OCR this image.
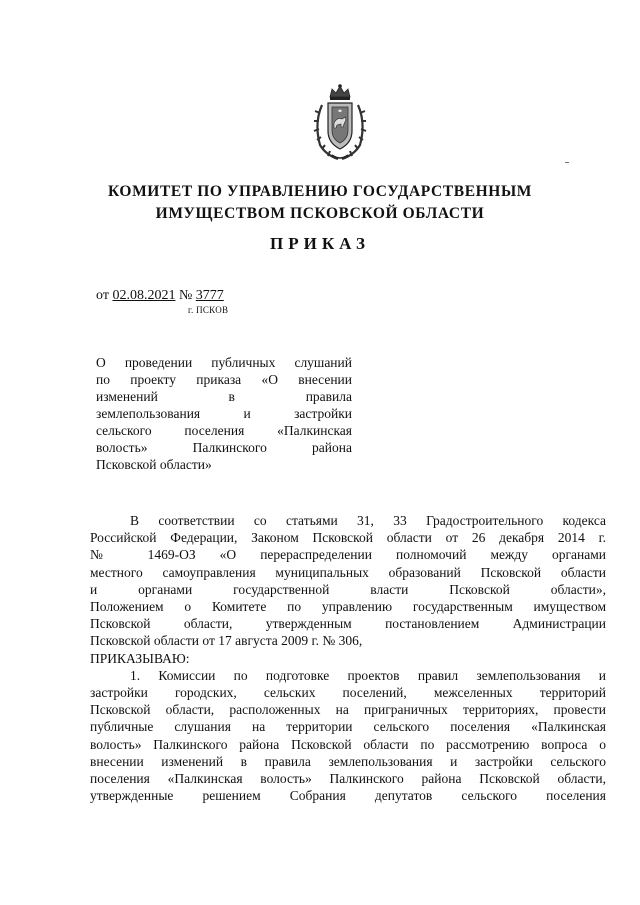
КОМИТЕТ ПО УПРАВЛЕНИЮ ГОСУДАРСТВЕННЫМ
ИМУЩЕСТВОМ ПСКОВСКОЙ ОБЛАСТИ
ПРИКАЗ
от 02.08.2021 № 3777
г. ПСКОВ
О проведении публичных слушаний
по проекту приказа «О внесении
изменений в правила
землепользования и застройки
сельского поселения «Палкинская
волость» Палкинского района
Псковской области»
В соответствии со статьями 31, 33 Градостроительного кодекса
Российской Федерации, Законом Псковской области от 26 декабря 2014 г.
№ 1469-ОЗ «О перераспределении полномочий между органами
местного самоуправления муниципальных образований Псковской области
и органами государственной власти Псковской области»,
Положением о Комитете по управлению государственным имуществом
Псковской области, утвержденным постановлением Администрации
Псковской области от 17 августа 2009 г. № 306,
ПРИКАЗЫВАЮ:
1. Комиссии по подготовке проектов правил землепользования и
застройки городских, сельских поселений, межселенных территорий
Псковской области, расположенных на приграничных территориях, провести
публичные слушания на территории сельского поселения «Палкинская
волость» Палкинского района Псковской области по рассмотрению вопроса о
внесении изменений в правила землепользования и застройки сельского
поселения «Палкинская волость» Палкинского района Псковской области,
утвержденные решением Собрания депутатов сельского поселения
